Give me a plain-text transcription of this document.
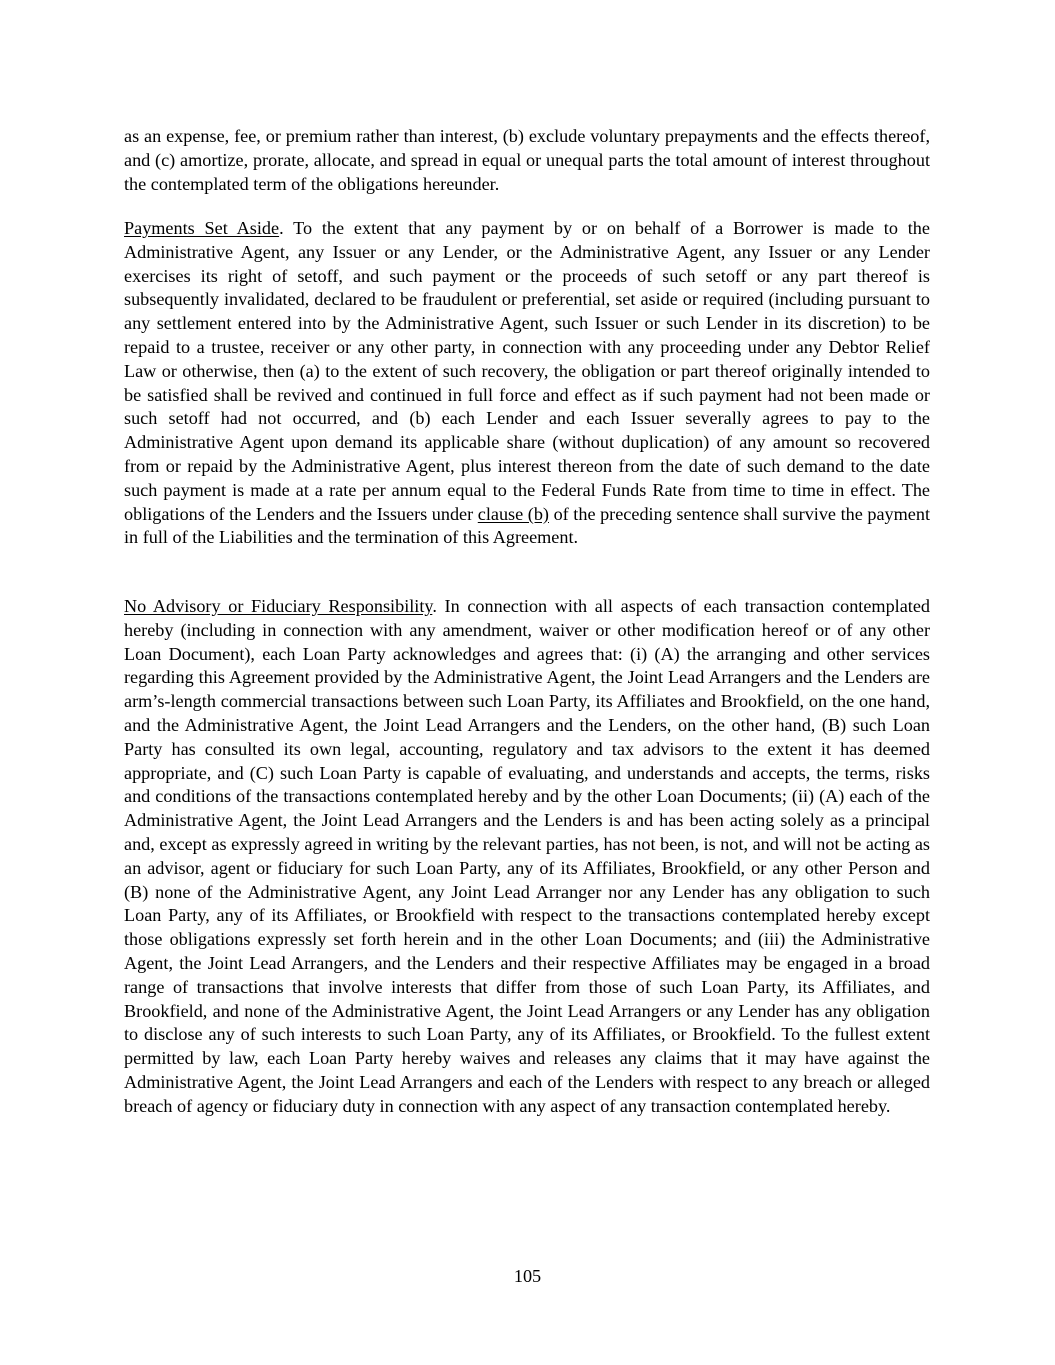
as an expense, fee, or premium rather than interest, (b) exclude voluntary prepayments and the effects thereof, and (c) amortize, prorate, allocate, and spread in equal or unequal parts the total amount of interest throughout the contemplated term of the obligations hereunder.

Payments Set Aside. To the extent that any payment by or on behalf of a Borrower is made to the Administrative Agent, any Issuer or any Lender, or the Administrative Agent, any Issuer or any Lender exercises its right of setoff, and such payment or the proceeds of such setoff or any part thereof is subsequently invalidated, declared to be fraudulent or preferential, set aside or required (including pursuant to any settlement entered into by the Administrative Agent, such Issuer or such Lender in its discretion) to be repaid to a trustee, receiver or any other party, in connection with any proceeding under any Debtor Relief Law or otherwise, then (a) to the extent of such recovery, the obligation or part thereof originally intended to be satisfied shall be revived and continued in full force and effect as if such payment had not been made or such setoff had not occurred, and (b) each Lender and each Issuer severally agrees to pay to the Administrative Agent upon demand its applicable share (without duplication) of any amount so recovered from or repaid by the Administrative Agent, plus interest thereon from the date of such demand to the date such payment is made at a rate per annum equal to the Federal Funds Rate from time to time in effect. The obligations of the Lenders and the Issuers under clause (b) of the preceding sentence shall survive the payment in full of the Liabilities and the termination of this Agreement.

No Advisory or Fiduciary Responsibility. In connection with all aspects of each transaction contemplated hereby (including in connection with any amendment, waiver or other modification hereof or of any other Loan Document), each Loan Party acknowledges and agrees that: (i) (A) the arranging and other services regarding this Agreement provided by the Administrative Agent, the Joint Lead Arrangers and the Lenders are arm’s-length commercial transactions between such Loan Party, its Affiliates and Brookfield, on the one hand, and the Administrative Agent, the Joint Lead Arrangers and the Lenders, on the other hand, (B) such Loan Party has consulted its own legal, accounting, regulatory and tax advisors to the extent it has deemed appropriate, and (C) such Loan Party is capable of evaluating, and understands and accepts, the terms, risks and conditions of the transactions contemplated hereby and by the other Loan Documents; (ii) (A) each of the Administrative Agent, the Joint Lead Arrangers and the Lenders is and has been acting solely as a principal and, except as expressly agreed in writing by the relevant parties, has not been, is not, and will not be acting as an advisor, agent or fiduciary for such Loan Party, any of its Affiliates, Brookfield, or any other Person and (B) none of the Administrative Agent, any Joint Lead Arranger nor any Lender has any obligation to such Loan Party, any of its Affiliates, or Brookfield with respect to the transactions contemplated hereby except those obligations expressly set forth herein and in the other Loan Documents; and (iii) the Administrative Agent, the Joint Lead Arrangers, and the Lenders and their respective Affiliates may be engaged in a broad range of transactions that involve interests that differ from those of such Loan Party, its Affiliates, and Brookfield, and none of the Administrative Agent, the Joint Lead Arrangers or any Lender has any obligation to disclose any of such interests to such Loan Party, any of its Affiliates, or Brookfield. To the fullest extent permitted by law, each Loan Party hereby waives and releases any claims that it may have against the Administrative Agent, the Joint Lead Arrangers and each of the Lenders with respect to any breach or alleged breach of agency or fiduciary duty in connection with any aspect of any transaction contemplated hereby.

105
